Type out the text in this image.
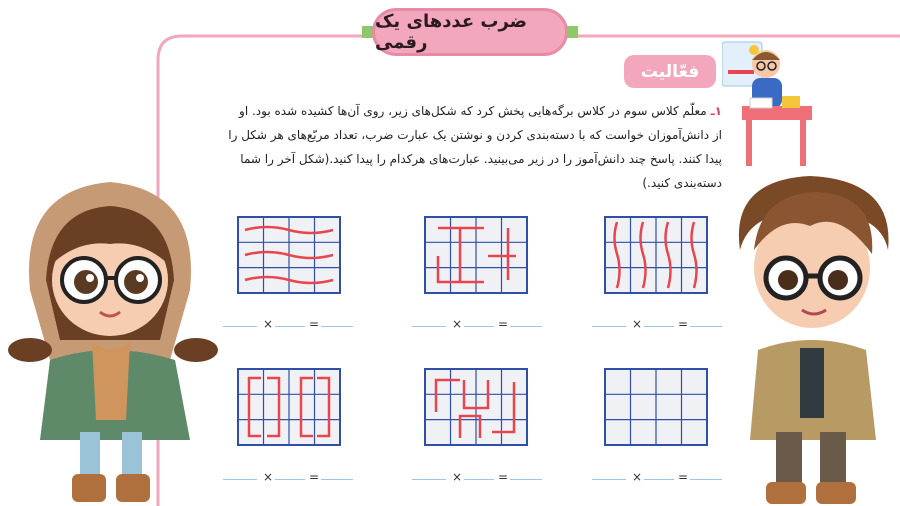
ضرب عددهای یک رقمی
فعّالیت
۱ـ معلّم کلاس سوم در کلاس برگه‌هایی پخش کرد که شکل‌های زیر، روی آن‌ها کشیده شده بود. او از دانش‌آموزان خواست که با دسته‌بندی کردن و نوشتن یک عبارت ضرب، تعداد مربّع‌های هر شکل را پیدا کنند. پاسخ چند دانش‌آموز را در زیر می‌بینید. عبارت‌های هرکدام را پیدا کنید.(شکل آخر را شما دسته‌بندی کنید.)
×	=	×	=	×	=
×	=	×	=	×	=
